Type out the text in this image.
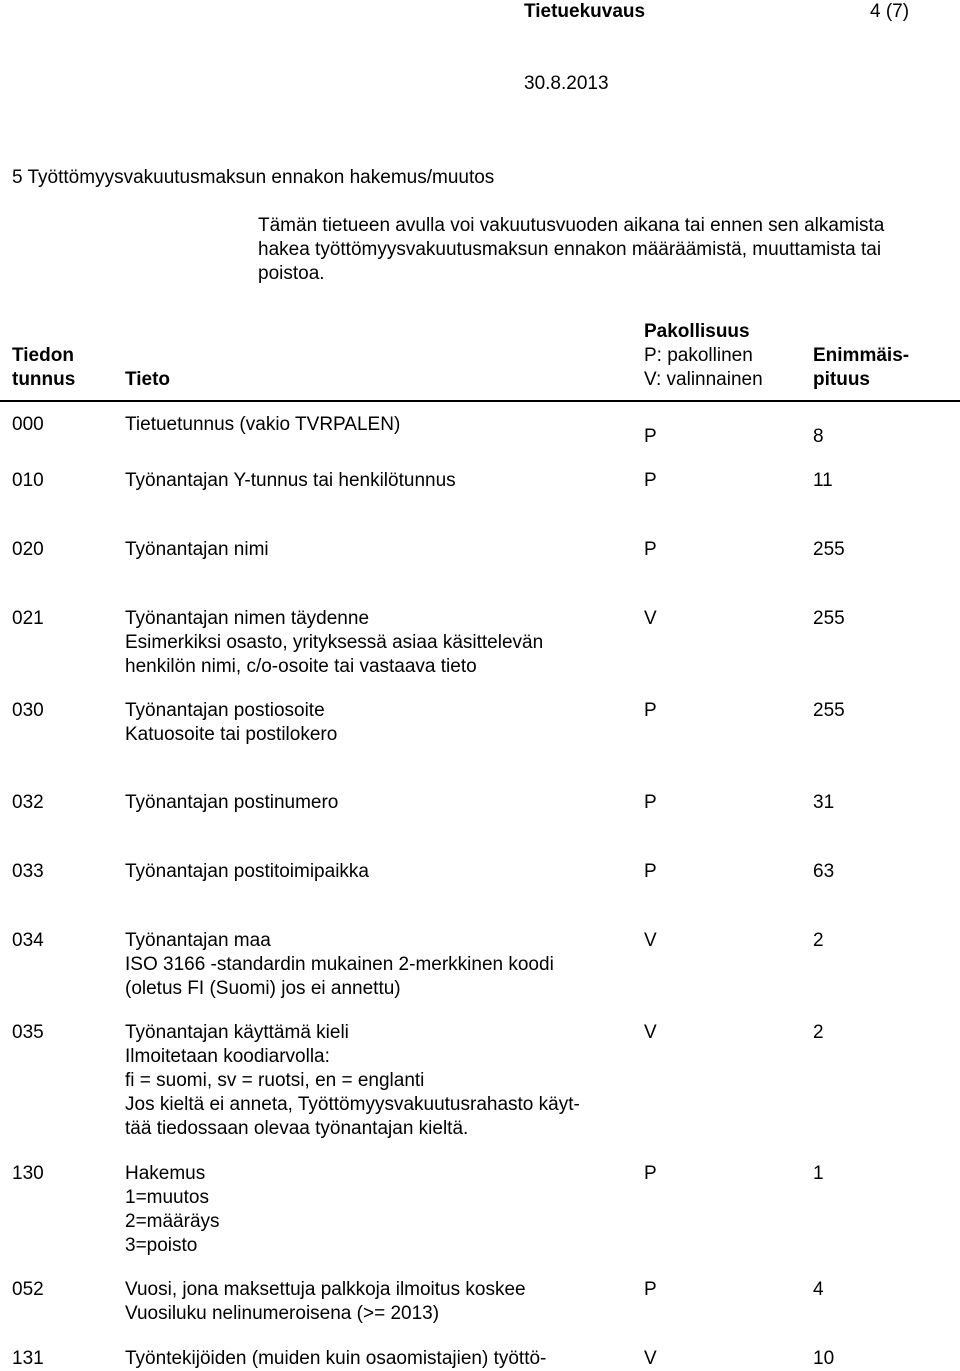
Tietuekuvaus	4 (7)
30.8.2013
5 Työttömyysvakuutusmaksun ennakon hakemus/muutos
Tämän tietueen avulla voi vakuutusvuoden aikana tai ennen sen alkamista
hakea työttömyysvakuutusmaksun ennakon määräämistä, muuttamista tai
poistoa.
Tiedon
tunnus	Tieto
Pakollisuus
P: pakollinen
V: valinnainen
Enimmäis-
pituus
000	Tietuetunnus (vakio TVRPALEN)
P	8
010	Työnantajan Y-tunnus tai henkilötunnus	P	11
020	Työnantajan nimi	P	255
021	Työnantajan nimen täydenne
Esimerkiksi osasto, yrityksessä asiaa käsittelevän
henkilön nimi, c/o-osoite tai vastaava tieto
V	255
030	Työnantajan postiosoite
Katuosoite tai postilokero
P	255
032	Työnantajan postinumero	P	31
033	Työnantajan postitoimipaikka	P	63
034	Työnantajan maa
ISO 3166 -standardin mukainen 2-merkkinen koodi
(oletus FI (Suomi) jos ei annettu)
V	2
035	Työnantajan käyttämä kieli
Ilmoitetaan koodiarvolla:
fi = suomi, sv = ruotsi, en = englanti
Jos kieltä ei anneta, Työttömyysvakuutusrahasto käyt-
tää tiedossaan olevaa työnantajan kieltä.
V	2
130	Hakemus
1=muutos
2=määräys
3=poisto
P	1
052	Vuosi, jona maksettuja palkkoja ilmoitus koskee
Vuosiluku nelinumeroisena (>= 2013)
P	4
131	Työntekijöiden (muiden kuin osaomistajien) työttö-	V	10
